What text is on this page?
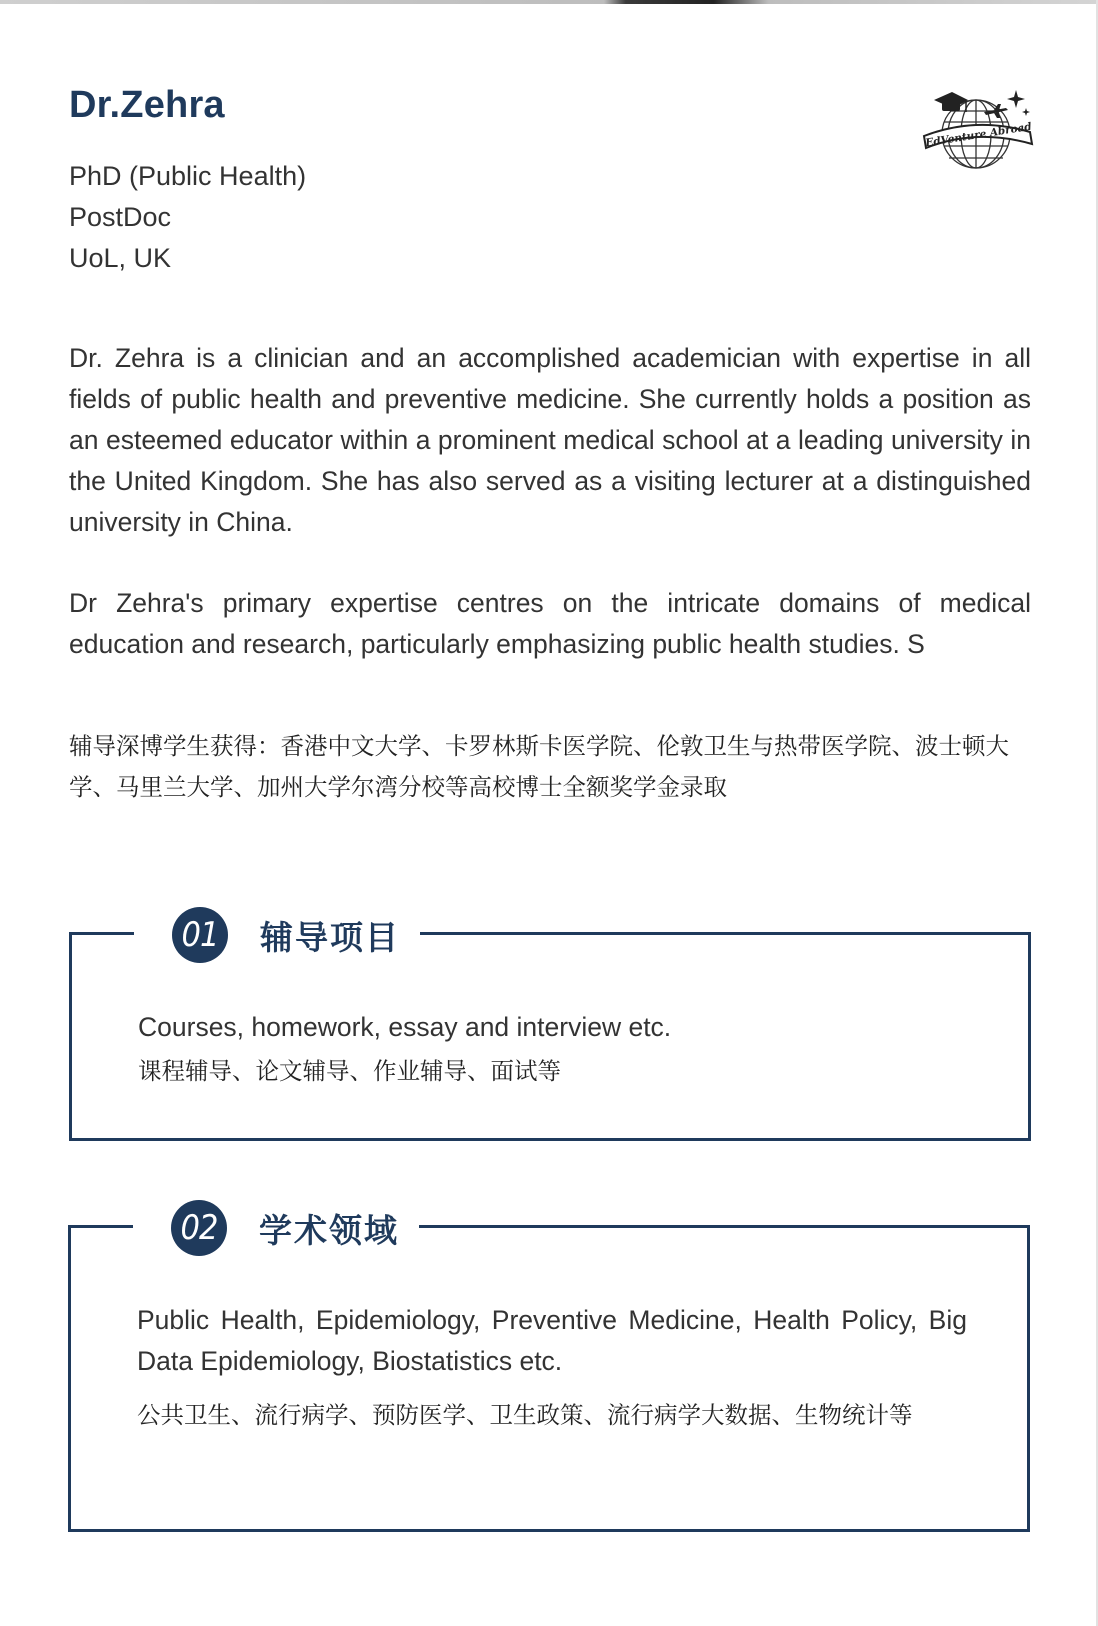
Dr.Zehra
PhD (Public Health)
PostDoc
UoL, UK
EdVenture Abroad
Dr. Zehra is a clinician and an accomplished academician with expertise in all fields of public health and preventive medicine. She currently holds a position as an esteemed educator within a prominent medical school at a leading university in the United Kingdom. She has also served as a visiting lecturer at a distinguished university in China.
Dr Zehra's primary expertise centres on the intricate domains of medical education and research, particularly emphasizing public health studies. S
辅导深博学生获得：香港中文大学、卡罗林斯卡医学院、伦敦卫生与热带医学院、波士顿大学、马里兰大学、加州大学尔湾分校等高校博士全额奖学金录取
01 辅导项目
Courses, homework, essay and interview etc.
课程辅导、论文辅导、作业辅导、面试等
02 学术领域
Public Health, Epidemiology, Preventive Medicine, Health Policy, Big Data Epidemiology, Biostatistics etc.
公共卫生、流行病学、预防医学、卫生政策、流行病学大数据、生物统计等
